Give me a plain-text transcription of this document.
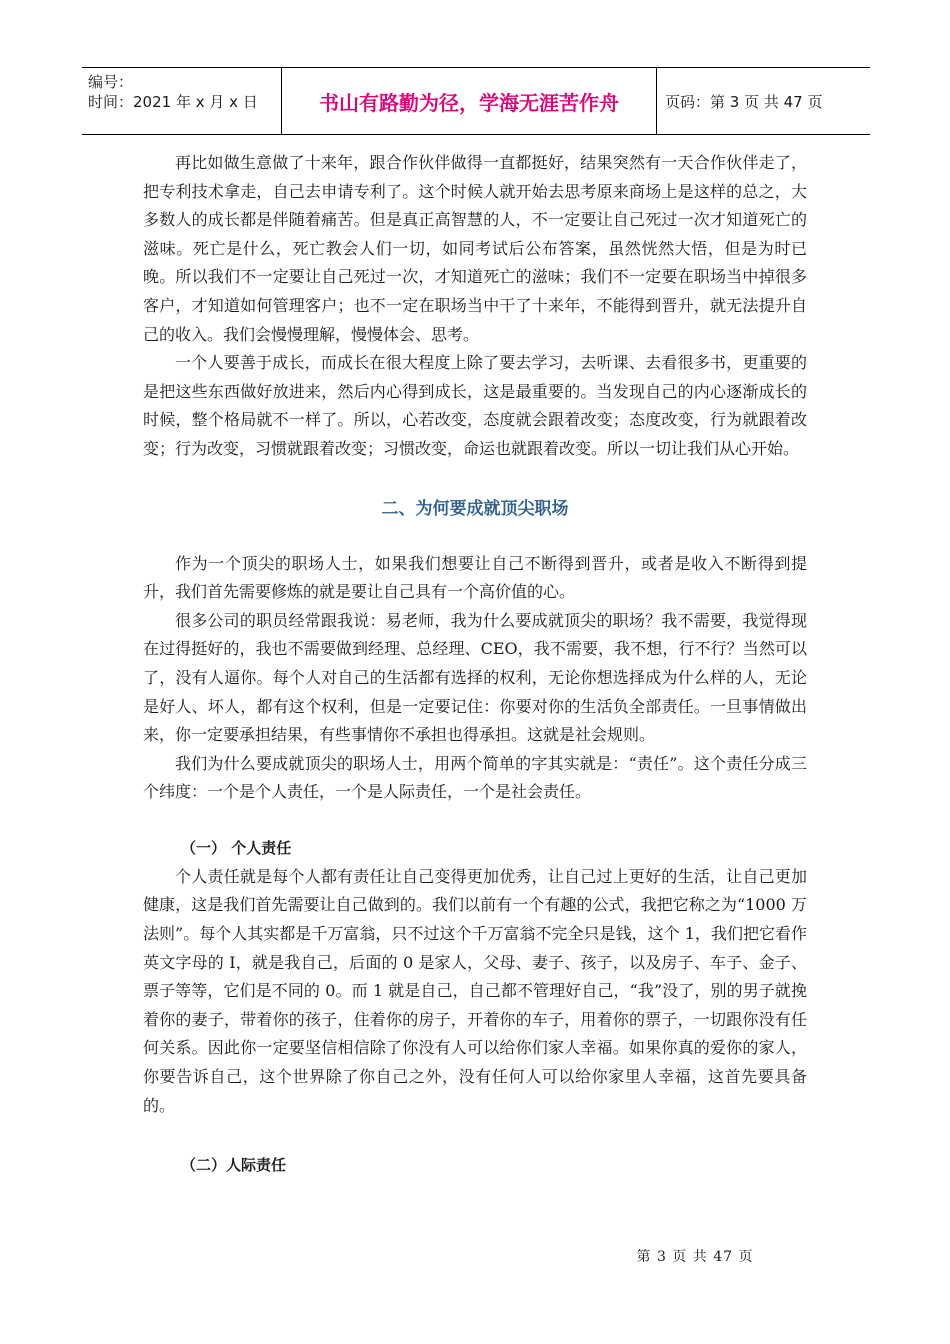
编号：
时间：2021 年 x 月 x 日	书山有路勤为径，学海无涯苦作舟	页码：第 3 页 共 47 页

再比如做生意做了十来年，跟合作伙伴做得一直都挺好，结果突然有一天合作伙伴走了，把专利技术拿走，自己去申请专利了。这个时候人就开始去思考原来商场上是这样的总之，大多数人的成长都是伴随着痛苦。但是真正高智慧的人，不一定要让自己死过一次才知道死亡的滋味。死亡是什么，死亡教会人们一切，如同考试后公布答案，虽然恍然大悟，但是为时已晚。所以我们不一定要让自己死过一次，才知道死亡的滋味；我们不一定要在职场当中掉很多客户，才知道如何管理客户；也不一定在职场当中干了十来年，不能得到晋升，就无法提升自己的收入。我们会慢慢理解，慢慢体会、思考。

一个人要善于成长，而成长在很大程度上除了要去学习，去听课、去看很多书，更重要的是把这些东西做好放进来，然后内心得到成长，这是最重要的。当发现自己的内心逐渐成长的时候，整个格局就不一样了。所以，心若改变，态度就会跟着改变；态度改变，行为就跟着改变；行为改变，习惯就跟着改变；习惯改变，命运也就跟着改变。所以一切让我们从心开始。

二、为何要成就顶尖职场

作为一个顶尖的职场人士，如果我们想要让自己不断得到晋升，或者是收入不断得到提升，我们首先需要修炼的就是要让自己具有一个高价值的心。

很多公司的职员经常跟我说：易老师，我为什么要成就顶尖的职场？我不需要，我觉得现在过得挺好的，我也不需要做到经理、总经理、CEO，我不需要，我不想，行不行？当然可以了，没有人逼你。每个人对自己的生活都有选择的权利，无论你想选择成为什么样的人，无论是好人、坏人，都有这个权利，但是一定要记住：你要对你的生活负全部责任。一旦事情做出来，你一定要承担结果，有些事情你不承担也得承担。这就是社会规则。

我们为什么要成就顶尖的职场人士，用两个简单的字其实就是：“责任”。这个责任分成三个纬度：一个是个人责任，一个是人际责任，一个是社会责任。

（一） 个人责任

个人责任就是每个人都有责任让自己变得更加优秀，让自己过上更好的生活，让自己更加健康，这是我们首先需要让自己做到的。我们以前有一个有趣的公式，我把它称之为“1000 万法则”。每个人其实都是千万富翁，只不过这个千万富翁不完全只是钱，这个 1，我们把它看作英文字母的 I，就是我自己，后面的 0 是家人，父母、妻子、孩子，以及房子、车子、金子、票子等等，它们是不同的 0。而 1 就是自己，自己都不管理好自己，“我”没了，别的男子就挽着你的妻子，带着你的孩子，住着你的房子，开着你的车子，用着你的票子，一切跟你没有任何关系。因此你一定要坚信相信除了你没有人可以给你们家人幸福。如果你真的爱你的家人，你要告诉自己，这个世界除了你自己之外，没有任何人可以给你家里人幸福，这首先要具备的。

（二）人际责任
第 3 页 共 47 页
